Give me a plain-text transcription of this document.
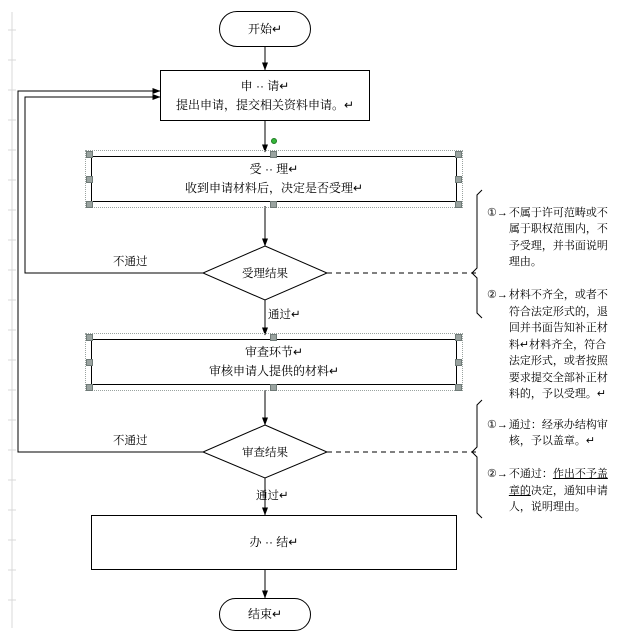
开始↵
申 ·· 请↵
提出申请，提交相关资料申请。↵
受 ·· 理↵
收到申请材料后，决定是否受理↵
受理结果
不通过
通过↵
审查环节↵
审核申请人提供的材料↵
审查结果
不通过
通过↵
办 ·· 结↵
结束↵

①→ 不属于许可范畴或不属于职权范围内，不予受理，并书面说明理由。

②→ 材料不齐全，或者不符合法定形式的，退回并书面告知补正材料↵材料齐全，符合法定形式，或者按照要求提交全部补正材料的，予以受理。↵

①→ 通过：经承办结构审核，予以盖章。↵

②→ 不通过：作出不予盖章的决定，通知申请人，说明理由。
